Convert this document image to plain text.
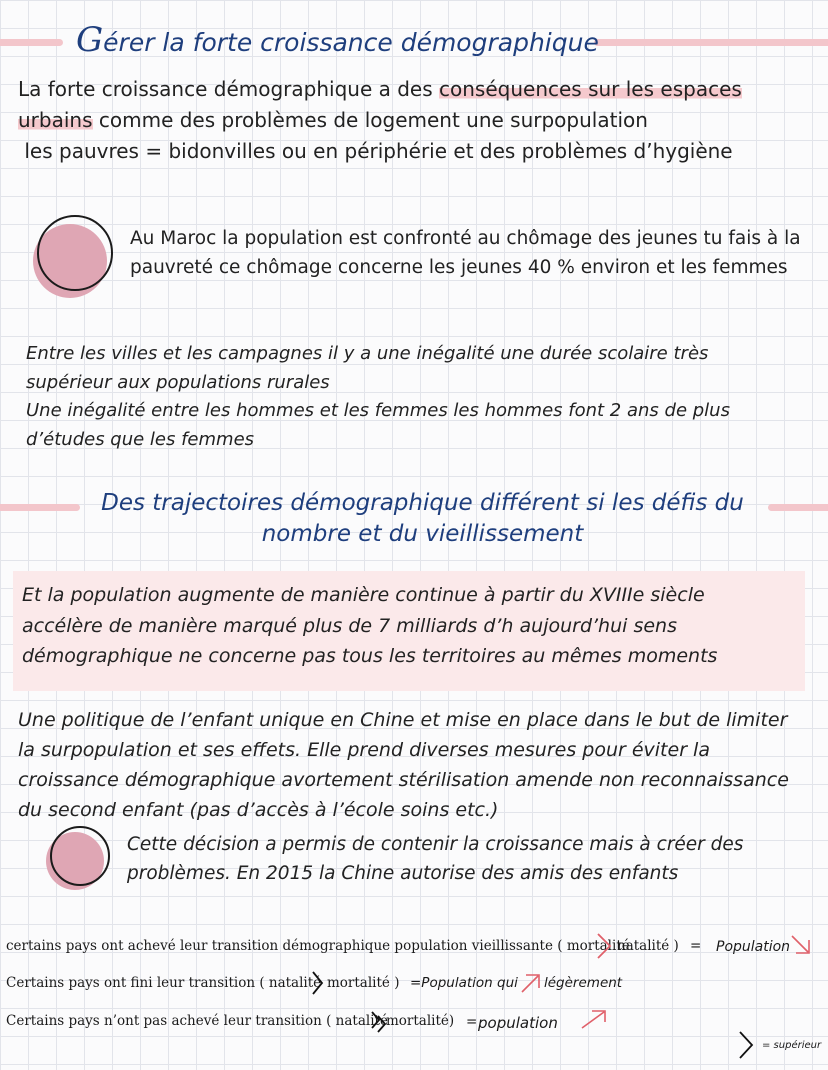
Gérer la forte croissance démographique
La forte croissance démographique a des conséquences sur les espaces
urbains comme des problèmes de logement une surpopulation
les pauvres = bidonvilles ou en périphérie et des problèmes d’hygiène
Au Maroc la population est confronté au chômage des jeunes tu fais à la pauvreté ce chômage concerne les jeunes 40 % environ et les femmes
Entre les villes et les campagnes il y a une inégalité une durée scolaire très
supérieur aux populations rurales
Une inégalité entre les hommes et les femmes les hommes font 2 ans de plus
d’études que les femmes
Des trajectoires démographique différent si les défis du
nombre et du vieillissement
Et la population augmente de manière continue à partir du XVIIIe siècle
accélère de manière marqué plus de 7 milliards d’h aujourd’hui sens
démographique ne concerne pas tous les territoires au mêmes moments
Une politique de l’enfant unique en Chine et mise en place dans le but de limiter
la surpopulation et ses effets. Elle prend diverses mesures pour éviter la
croissance démographique avortement stérilisation amende non reconnaissance
du second enfant (pas d’accès à l’école soins etc.)
Cette décision a permis de contenir la croissance mais à créer des
problèmes. En 2015 la Chine autorise des amis des enfants
certains pays ont achevé leur transition démographique population vieillissante ( mortalité
natalité ) = Population
Certains pays ont fini leur transition ( natalité mortalité ) =Population qui légèrement
Certains pays n’ont pas achevé leur transition ( natalité
mortalité) = population
= supérieur
